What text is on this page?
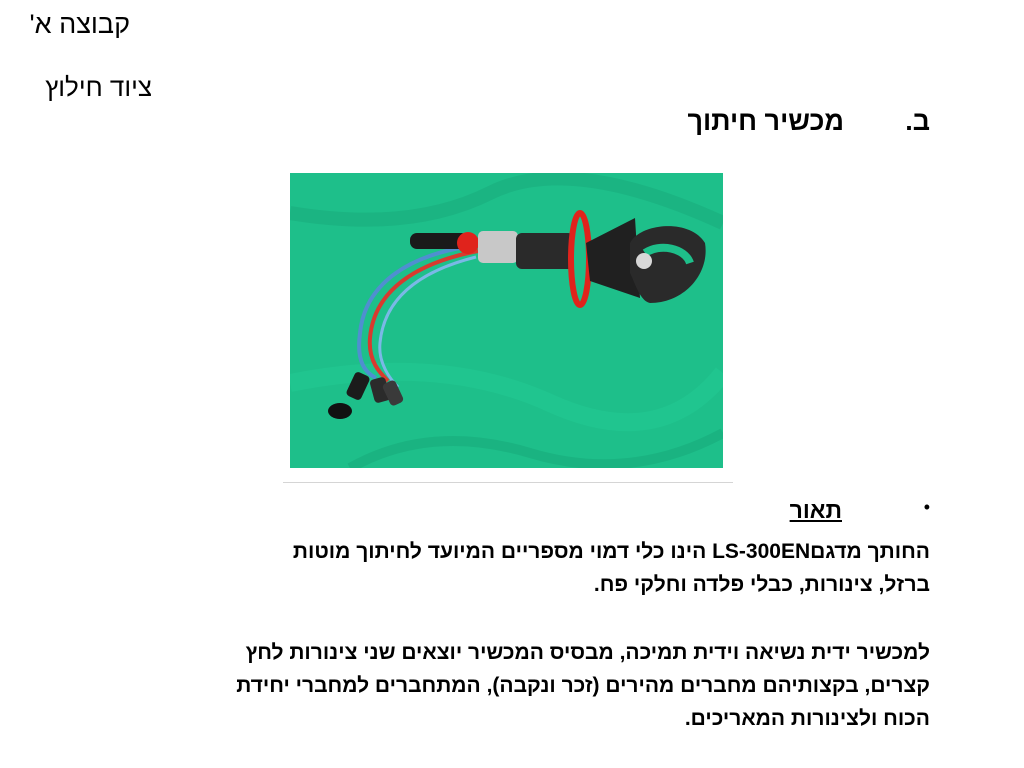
קבוצה א'
ציוד חילוץ
ב.
מכשיר חיתוך
•
תאור
החותך מדגםLS-300EN הינו כלי דמוי מספריים המיועד לחיתוך מוטות
ברזל, צינורות, כבלי פלדה וחלקי פח.
למכשיר ידית נשיאה וידית תמיכה, מבסיס המכשיר יוצאים שני צינורות לחץ
קצרים, בקצותיהם מחברים מהירים (זכר ונקבה), המתחברים למחברי יחידת
הכוח ולצינורות המאריכים.
